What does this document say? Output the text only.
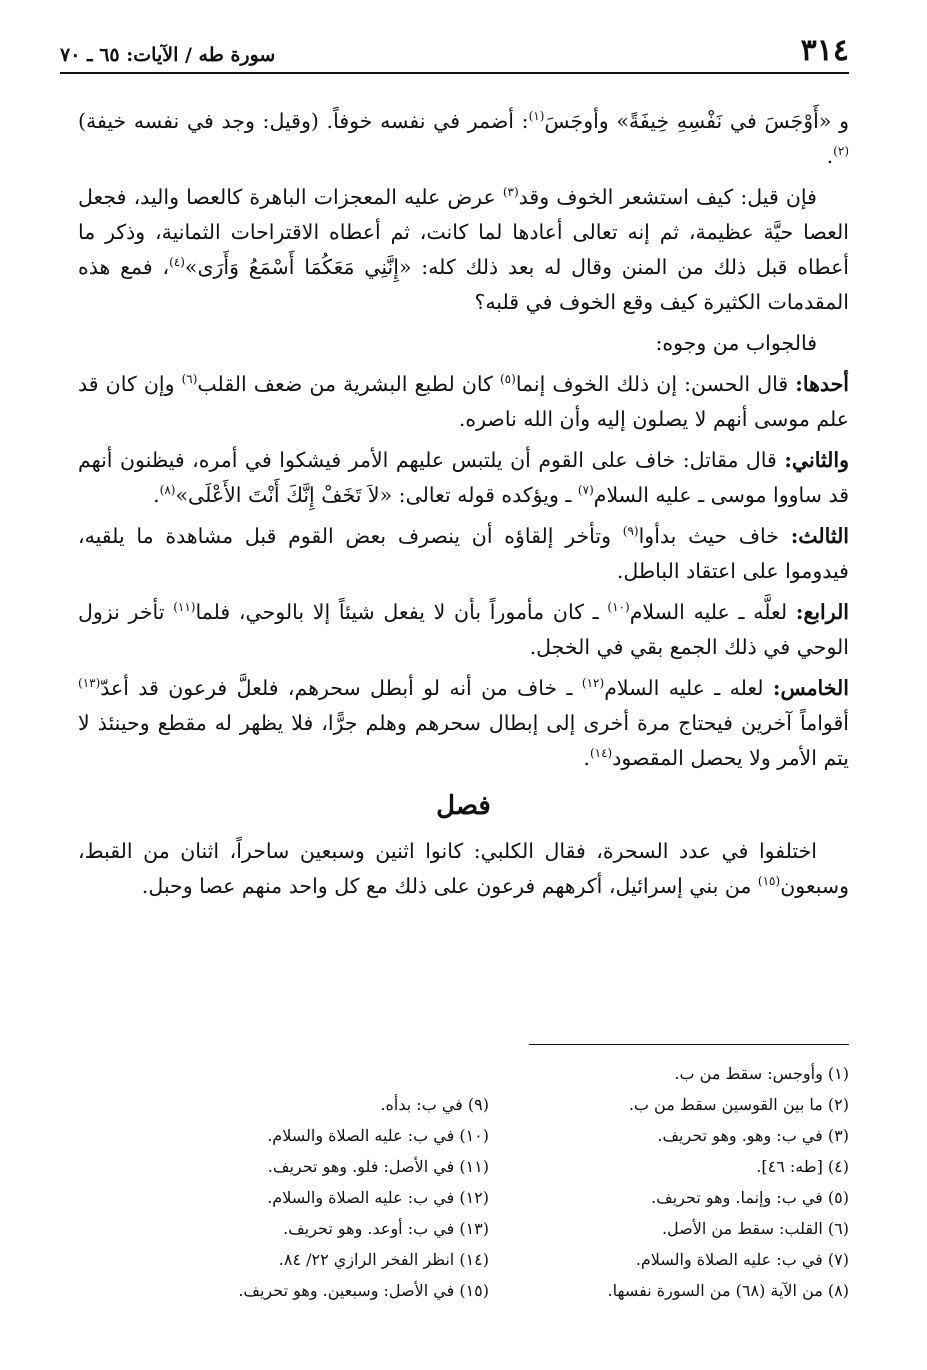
٣١٤
سورة طه / الآيات: ٦٥ ـ ٧٠

و «أَوْجَسَ في نَفْسِهِ خِيفَةً» وأوجَسَ$^{(١)}$: أضمر في نفسه خوفاً. (وقيل: وجد في نفسه خيفة)$^{(٢)}$.

فإن قيل: كيف استشعر الخوف وقد$^{(٣)}$ عرض عليه المعجزات الباهرة كالعصا واليد، فجعل العصا حيَّة عظيمة، ثم إنه تعالى أعادها لما كانت، ثم أعطاه الاقتراحات الثمانية، وذكر ما أعطاه قبل ذلك من المنن وقال له بعد ذلك كله: «إِنَّنِي مَعَكُمَا أَسْمَعُ وَأَرَى»$^{(٤)}$، فمع هذه المقدمات الكثيرة كيف وقع الخوف في قلبه؟

فالجواب من وجوه:

أحدها: قال الحسن: إن ذلك الخوف إنما$^{(٥)}$ كان لطبع البشرية من ضعف القلب$^{(٦)}$ وإن كان قد علم موسى أنهم لا يصلون إليه وأن الله ناصره.

والثاني: قال مقاتل: خاف على القوم أن يلتبس عليهم الأمر فيشكوا في أمره، فيظنون أنهم قد ساووا موسى ـ عليه السلام$^{(٧)}$ ـ ويؤكده قوله تعالى: «لاَ تَخَفْ إِنَّكَ أَنْتَ الأَعْلَى»$^{(٨)}$.

الثالث: خاف حيث بدأوا$^{(٩)}$ وتأخر إلقاؤه أن ينصرف بعض القوم قبل مشاهدة ما يلقيه، فيدوموا على اعتقاد الباطل.

الرابع: لعلَّه ـ عليه السلام$^{(١٠)}$ ـ كان مأموراً بأن لا يفعل شيئاً إلا بالوحي، فلما$^{(١١)}$ تأخر نزول الوحي في ذلك الجمع بقي في الخجل.

الخامس: لعله ـ عليه السلام$^{(١٢)}$ ـ خاف من أنه لو أبطل سحرهم، فلعلَّ فرعون قد أعدّ$^{(١٣)}$ أقواماً آخرين فيحتاج مرة أخرى إلى إبطال سحرهم وهلم جرًّا، فلا يظهر له مقطع وحينئذ لا يتم الأمر ولا يحصل المقصود$^{(١٤)}$.

فصل

اختلفوا في عدد السحرة، فقال الكلبي: كانوا اثنين وسبعين ساحراً، اثنان من القبط، وسبعون$^{(١٥)}$ من بني إسرائيل، أكرههم فرعون على ذلك مع كل واحد منهم عصا وحبل.

(١) وأوجس: سقط من ب.
(٢) ما بين القوسين سقط من ب.
(٣) في ب: وهو. وهو تحريف.
(٤) [طه: ٤٦].
(٥) في ب: وإنما. وهو تحريف.
(٦) القلب: سقط من الأصل.
(٧) في ب: عليه الصلاة والسلام.
(٨) من الآية (٦٨) من السورة نفسها.
(٩) في ب: بدأه.
(١٠) في ب: عليه الصلاة والسلام.
(١١) في الأصل: فلو. وهو تحريف.
(١٢) في ب: عليه الصلاة والسلام.
(١٣) في ب: أوعد. وهو تحريف.
(١٤) انظر الفخر الرازي ٢٢/ ٨٤.
(١٥) في الأصل: وسبعين. وهو تحريف.
